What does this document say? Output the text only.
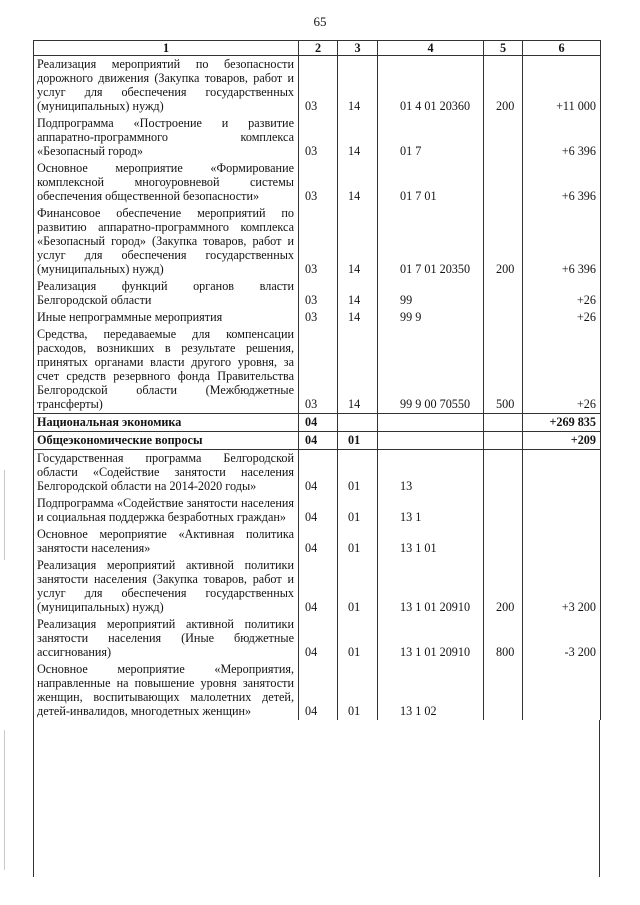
65
1	2	3	4	5	6
Реализация мероприятий по безопасности дорожного движения (Закупка товаров, работ и услуг для обеспечения государственных (муниципальных) нужд)	03	14	01 4 01 20360	200	+11 000
Подпрограмма «Построение и развитие аппаратно-программного комплекса «Безопасный город»	03	14	01 7		+6 396
Основное мероприятие «Формирование комплексной многоуровневой системы обеспечения общественной безопасности»	03	14	01 7 01		+6 396
Финансовое обеспечение мероприятий по развитию аппаратно-программного комплекса «Безопасный город» (Закупка товаров, работ и услуг для обеспечения государственных (муниципальных) нужд)	03	14	01 7 01 20350	200	+6 396
Реализация функций органов власти Белгородской области	03	14	99		+26
Иные непрограммные мероприятия	03	14	99 9		+26
Средства, передаваемые для компенсации расходов, возникших в результате решения, принятых органами власти другого уровня, за счет средств резервного фонда Правительства Белгородской области (Межбюджетные трансферты)	03	14	99 9 00 70550	500	+26
Национальная экономика	04				+269 835
Общеэкономические вопросы	04	01			+209
Государственная программа Белгородской области «Содействие занятости населения Белгородской области на 2014-2020 годы»	04	01	13		
Подпрограмма «Содействие занятости населения и социальная поддержка безработных граждан»	04	01	13 1		
Основное мероприятие «Активная политика занятости населения»	04	01	13 1 01		
Реализация мероприятий активной политики занятости населения (Закупка товаров, работ и услуг для обеспечения государственных (муниципальных) нужд)	04	01	13 1 01 20910	200	+3 200
Реализация мероприятий активной политики занятости населения (Иные бюджетные ассигнования)	04	01	13 1 01 20910	800	-3 200
Основное мероприятие «Мероприятия, направленные на повышение уровня занятости женщин, воспитывающих малолетних детей, детей-инвалидов, многодетных женщин»	04	01	13 1 02		
